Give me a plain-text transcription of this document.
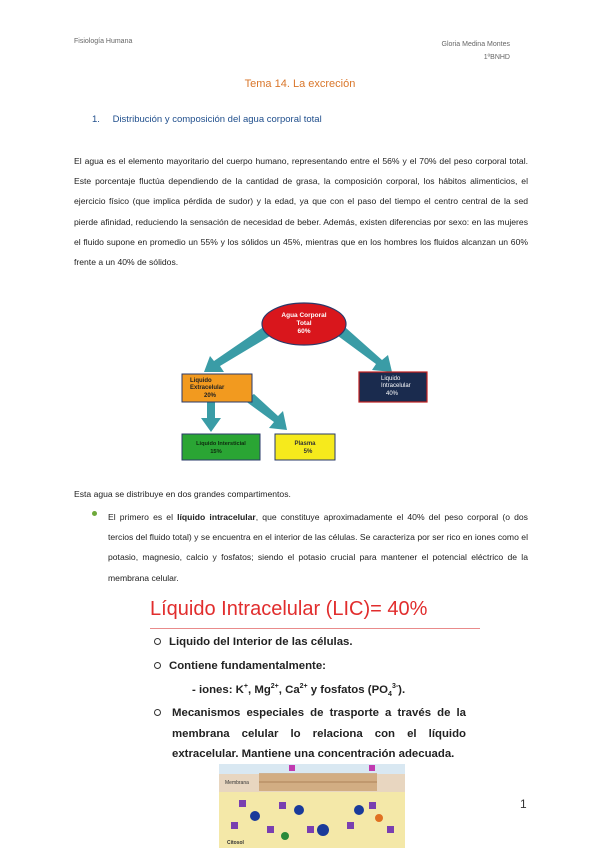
Fisiología Humana	Gloria Medina Montes
1ºBNHD
Tema 14. La excreción
1. Distribución y composición del agua corporal total
El agua es el elemento mayoritario del cuerpo humano, representando entre el 56% y el 70% del peso corporal total. Este porcentaje fluctúa dependiendo de la cantidad de grasa, la composición corporal, los hábitos alimenticios, el ejercicio físico (que implica pérdida de sudor) y la edad, ya que con el paso del tiempo el centro central de la sed pierde afinidad, reduciendo la sensación de necesidad de beber. Además, existen diferencias por sexo: en las mujeres el fluido supone en promedio un 55% y los sólidos un 45%, mientras que en los hombres los fluidos alcanzan un 60% frente a un 40% de sólidos.
Agua Corporal
Total
60%
Liquido
Extracelular
20%
Liquido
Intracelular
40%
Liquido Intersticial
15%
Plasma
5%
Esta agua se distribuye en dos grandes compartimentos.
El primero es el líquido intracelular, que constituye aproximadamente el 40% del peso corporal (o dos tercios del fluido total) y se encuentra en el interior de las células. Se caracteriza por ser rico en iones como el potasio, magnesio, calcio y fosfatos; siendo el potasio crucial para mantener el potencial eléctrico de la membrana celular.
Líquido Intracelular (LIC)= 40%
Liquido del Interior de las células.
Contiene fundamentalmente:
- iones: K+, $Mg^{2+}$, $Ca^{2+}$ y fosfatos $(PO_4^{3-})$.
Mecanismos especiales de trasporte a través de la membrana celular lo relaciona con el líquido extracelular. Mantiene una concentración adecuada.
Membrana
Citosol
1
